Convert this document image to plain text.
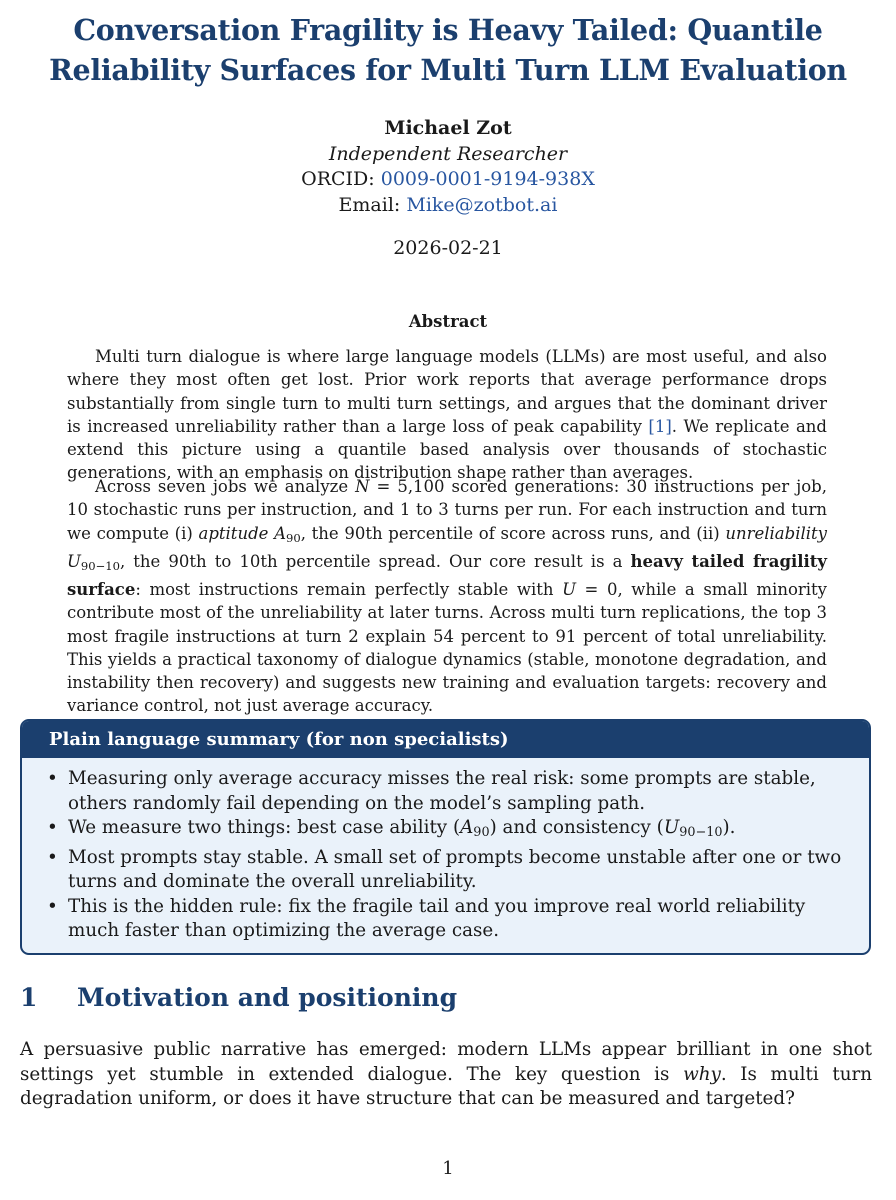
Conversation Fragility is Heavy Tailed: Quantile
Reliability Surfaces for Multi Turn LLM Evaluation
Michael Zot
Independent Researcher
ORCID: 0009-0001-9194-938X
Email: Mike@zotbot.ai
2026-02-21
Abstract

Multi turn dialogue is where large language models (LLMs) are most useful, and also where they most often get lost. Prior work reports that average performance drops substantially from single turn to multi turn settings, and argues that the dominant driver is increased unreliability rather than a large loss of peak capability [1]. We replicate and extend this picture using a quantile based analysis over thousands of stochastic generations, with an emphasis on distribution shape rather than averages.

Across seven jobs we analyze N = 5,100 scored generations: 30 instructions per job, 10 stochastic runs per instruction, and 1 to 3 turns per run. For each instruction and turn we compute (i) aptitude $A_{90}$, the 90th percentile of score across runs, and (ii) unreliability $U_{90-10}$, the 90th to 10th percentile spread. Our core result is a heavy tailed fragility surface: most instructions remain perfectly stable with U = 0, while a small minority contribute most of the unreliability at later turns. Across multi turn replications, the top 3 most fragile instructions at turn 2 explain 54 percent to 91 percent of total unreliability. This yields a practical taxonomy of dialogue dynamics (stable, monotone degradation, and instability then recovery) and suggests new training and evaluation targets: recovery and variance control, not just average accuracy.

Plain language summary (for non specialists)
• Measuring only average accuracy misses the real risk: some prompts are stable, others randomly fail depending on the model’s sampling path.
• We measure two things: best case ability $(A_{90})$ and consistency $(U_{90-10})$.
• Most prompts stay stable. A small set of prompts become unstable after one or two turns and dominate the overall unreliability.
• This is the hidden rule: fix the fragile tail and you improve real world reliability much faster than optimizing the average case.
1 Motivation and positioning
A persuasive public narrative has emerged: modern LLMs appear brilliant in one shot settings yet stumble in extended dialogue. The key question is why. Is multi turn degradation uniform, or does it have structure that can be measured and targeted?
1
